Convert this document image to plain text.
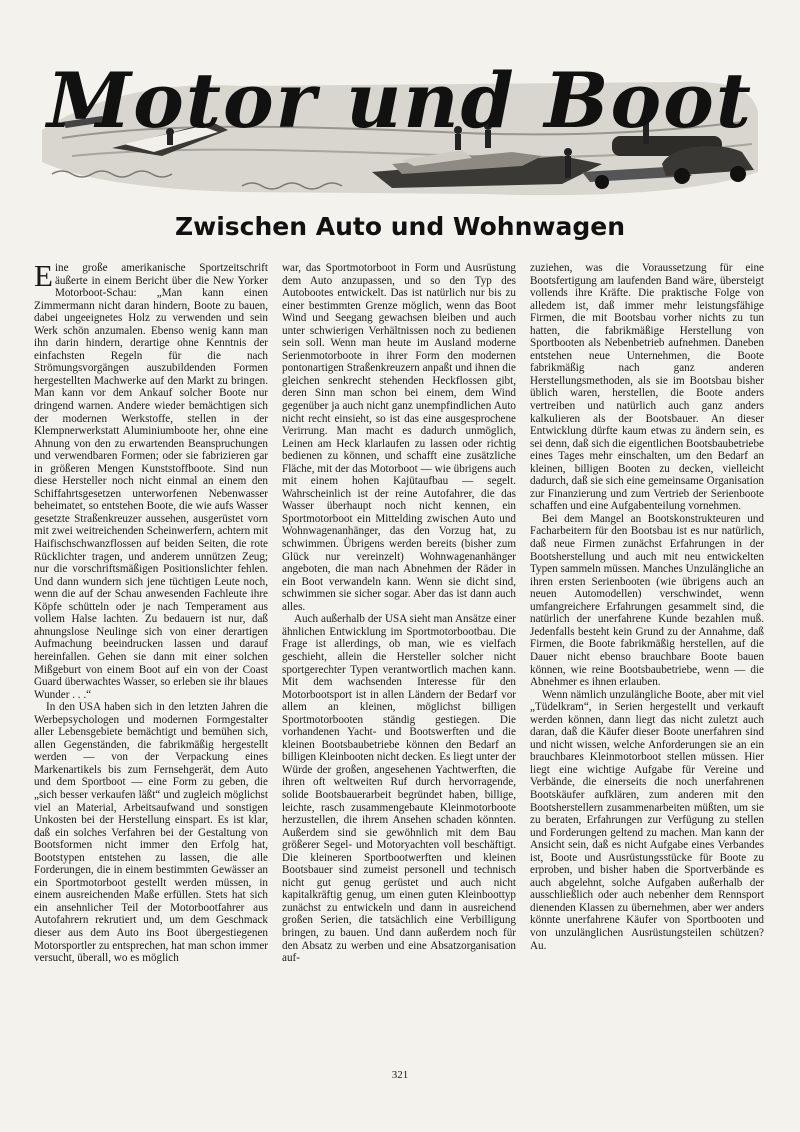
Motor und Boot
Zwischen Auto und Wohnwagen

Eine große amerikanische Sportzeitschrift äußerte in einem Bericht über die New Yorker Motorboot-Schau: „Man kann einen Zimmermann nicht daran hindern, Boote zu bauen, dabei ungeeignetes Holz zu verwenden und sein Werk schön anzumalen. Ebenso wenig kann man ihn darin hindern, derartige ohne Kenntnis der einfachsten Regeln für die nach Strömungsvorgängen auszubildenden Formen hergestellten Machwerke auf den Markt zu bringen. Man kann vor dem Ankauf solcher Boote nur dringend warnen. Andere wieder bemächtigen sich der modernen Werkstoffe, stellen in der Klempnerwerkstatt Aluminiumboote her, ohne eine Ahnung von den zu erwartenden Beanspruchungen und verwendbaren Formen; oder sie fabrizieren gar in größeren Mengen Kunststoffboote. Sind nun diese Hersteller noch nicht einmal an einem den Schiffahrtsgesetzen unterworfenen Nebenwasser beheimatet, so entstehen Boote, die wie aufs Wasser gesetzte Straßenkreuzer aussehen, ausgerüstet vorn mit zwei weitreichenden Scheinwerfern, achtern mit Haifischschwanzflossen auf beiden Seiten, die rote Rücklichter tragen, und anderem unnützen Zeug; nur die vorschriftsmäßigen Positionslichter fehlen. Und dann wundern sich jene tüchtigen Leute noch, wenn die auf der Schau anwesenden Fachleute ihre Köpfe schütteln oder je nach Temperament aus vollem Halse lachten. Zu bedauern ist nur, daß ahnungslose Neulinge sich von einer derartigen Aufmachung beeindrucken lassen und darauf hereinfallen. Gehen sie dann mit einer solchen Mißgeburt von einem Boot auf ein von der Coast Guard überwachtes Wasser, so erleben sie ihr blaues Wunder . . .“

In den USA haben sich in den letzten Jahren die Werbepsychologen und modernen Formgestalter aller Lebensgebiete bemächtigt und bemühen sich, allen Gegenständen, die fabrikmäßig hergestellt werden — von der Verpackung eines Markenartikels bis zum Fernsehgerät, dem Auto und dem Sportboot — eine Form zu geben, die „sich besser verkaufen läßt“ und zugleich möglichst viel an Material, Arbeitsaufwand und sonstigen Unkosten bei der Herstellung einspart. Es ist klar, daß ein solches Verfahren bei der Gestaltung von Bootsformen nicht immer den Erfolg hat, Bootstypen entstehen zu lassen, die alle Forderungen, die in einem bestimmten Gewässer an ein Sportmotorboot gestellt werden müssen, in einem ausreichenden Maße erfüllen. Stets hat sich ein ansehnlicher Teil der Motorbootfahrer aus Autofahrern rekrutiert und, um dem Geschmack dieser aus dem Auto ins Boot übergestiegenen Motorsportler zu entsprechen, hat man schon immer versucht, überall, wo es möglich

war, das Sportmotorboot in Form und Ausrüstung dem Auto anzupassen, und so den Typ des Autobootes entwickelt. Das ist natürlich nur bis zu einer bestimmten Grenze möglich, wenn das Boot Wind und Seegang gewachsen bleiben und auch unter schwierigen Verhältnissen noch zu bedienen sein soll. Wenn man heute im Ausland moderne Serienmotorboote in ihrer Form den modernen pontonartigen Straßenkreuzern anpaßt und ihnen die gleichen senkrecht stehenden Heckflossen gibt, deren Sinn man schon bei einem, dem Wind gegenüber ja auch nicht ganz unempfindlichen Auto nicht recht einsieht, so ist das eine ausgesprochene Verirrung. Man macht es dadurch unmöglich, Leinen am Heck klarlaufen zu lassen oder richtig bedienen zu können, und schafft eine zusätzliche Fläche, mit der das Motorboot — wie übrigens auch mit einem hohen Kajütaufbau — segelt. Wahrscheinlich ist der reine Autofahrer, die das Wasser überhaupt noch nicht kennen, ein Sportmotorboot ein Mittelding zwischen Auto und Wohnwagenanhänger, das den Vorzug hat, zu schwimmen. Übrigens werden bereits (bisher zum Glück nur vereinzelt) Wohnwagenanhänger angeboten, die man nach Abnehmen der Räder in ein Boot verwandeln kann. Wenn sie dicht sind, schwimmen sie sicher sogar. Aber das ist dann auch alles.

Auch außerhalb der USA sieht man Ansätze einer ähnlichen Entwicklung im Sportmotorbootbau. Die Frage ist allerdings, ob man, wie es vielfach geschieht, allein die Hersteller solcher nicht sportgerechter Typen verantwortlich machen kann. Mit dem wachsenden Interesse für den Motorbootsport ist in allen Ländern der Bedarf vor allem an kleinen, möglichst billigen Sportmotorbooten ständig gestiegen. Die vorhandenen Yacht- und Bootswerften und die kleinen Bootsbaubetriebe können den Bedarf an billigen Kleinbooten nicht decken. Es liegt unter der Würde der großen, angesehenen Yachtwerften, die ihren oft weltweiten Ruf durch hervorragende, solide Bootsbauerarbeit begründet haben, billige, leichte, rasch zusammengebaute Kleinmotorboote herzustellen, die ihrem Ansehen schaden könnten. Außerdem sind sie gewöhnlich mit dem Bau größerer Segel- und Motoryachten voll beschäftigt. Die kleineren Sportbootwerften und kleinen Bootsbauer sind zumeist personell und technisch nicht gut genug gerüstet und auch nicht kapitalkräftig genug, um einen guten Kleinboottyp zunächst zu entwickeln und dann in ausreichend großen Serien, die tatsächlich eine Verbilligung bringen, zu bauen. Und dann außerdem noch für den Absatz zu werben und eine Absatzorganisation auf-

zuziehen, was die Voraussetzung für eine Bootsfertigung am laufenden Band wäre, übersteigt vollends ihre Kräfte. Die praktische Folge von alledem ist, daß immer mehr leistungsfähige Firmen, die mit Bootsbau vorher nichts zu tun hatten, die fabrikmäßige Herstellung von Sportbooten als Nebenbetrieb aufnehmen. Daneben entstehen neue Unternehmen, die Boote fabrikmäßig nach ganz anderen Herstellungsmethoden, als sie im Bootsbau bisher üblich waren, herstellen, die Boote anders vertreiben und natürlich auch ganz anders kalkulieren als der Bootsbauer. An dieser Entwicklung dürfte kaum etwas zu ändern sein, es sei denn, daß sich die eigentlichen Bootsbaubetriebe eines Tages mehr einschalten, um den Bedarf an kleinen, billigen Booten zu decken, vielleicht dadurch, daß sie sich eine gemeinsame Organisation zur Finanzierung und zum Vertrieb der Serienboote schaffen und eine Aufgabenteilung vornehmen.

Bei dem Mangel an Bootskonstrukteuren und Facharbeitern für den Bootsbau ist es nur natürlich, daß neue Firmen zunächst Erfahrungen in der Bootsherstellung und auch mit neu entwickelten Typen sammeln müssen. Manches Unzulängliche an ihren ersten Serienbooten (wie übrigens auch an neuen Automodellen) verschwindet, wenn umfangreichere Erfahrungen gesammelt sind, die natürlich der unerfahrene Kunde bezahlen muß. Jedenfalls besteht kein Grund zu der Annahme, daß Firmen, die Boote fabrikmäßig herstellen, auf die Dauer nicht ebenso brauchbare Boote bauen können, wie reine Bootsbaubetriebe, wenn — die Abnehmer es ihnen erlauben.

Wenn nämlich unzulängliche Boote, aber mit viel „Tüdelkram“, in Serien hergestellt und verkauft werden können, dann liegt das nicht zuletzt auch daran, daß die Käufer dieser Boote unerfahren sind und nicht wissen, welche Anforderungen sie an ein brauchbares Kleinmotorboot stellen müssen. Hier liegt eine wichtige Aufgabe für Vereine und Verbände, die einerseits die noch unerfahrenen Bootskäufer aufklären, zum anderen mit den Bootsherstellern zusammenarbeiten müßten, um sie zu beraten, Erfahrungen zur Verfügung zu stellen und Forderungen geltend zu machen. Man kann der Ansicht sein, daß es nicht Aufgabe eines Verbandes ist, Boote und Ausrüstungsstücke für Boote zu erproben, und bisher haben die Sportverbände es auch abgelehnt, solche Aufgaben außerhalb der ausschließlich oder auch nebenher dem Rennsport dienenden Klassen zu übernehmen, aber wer anders könnte unerfahrene Käufer von Sportbooten und von unzulänglichen Ausrüstungsteilen schützen? Au.

321
